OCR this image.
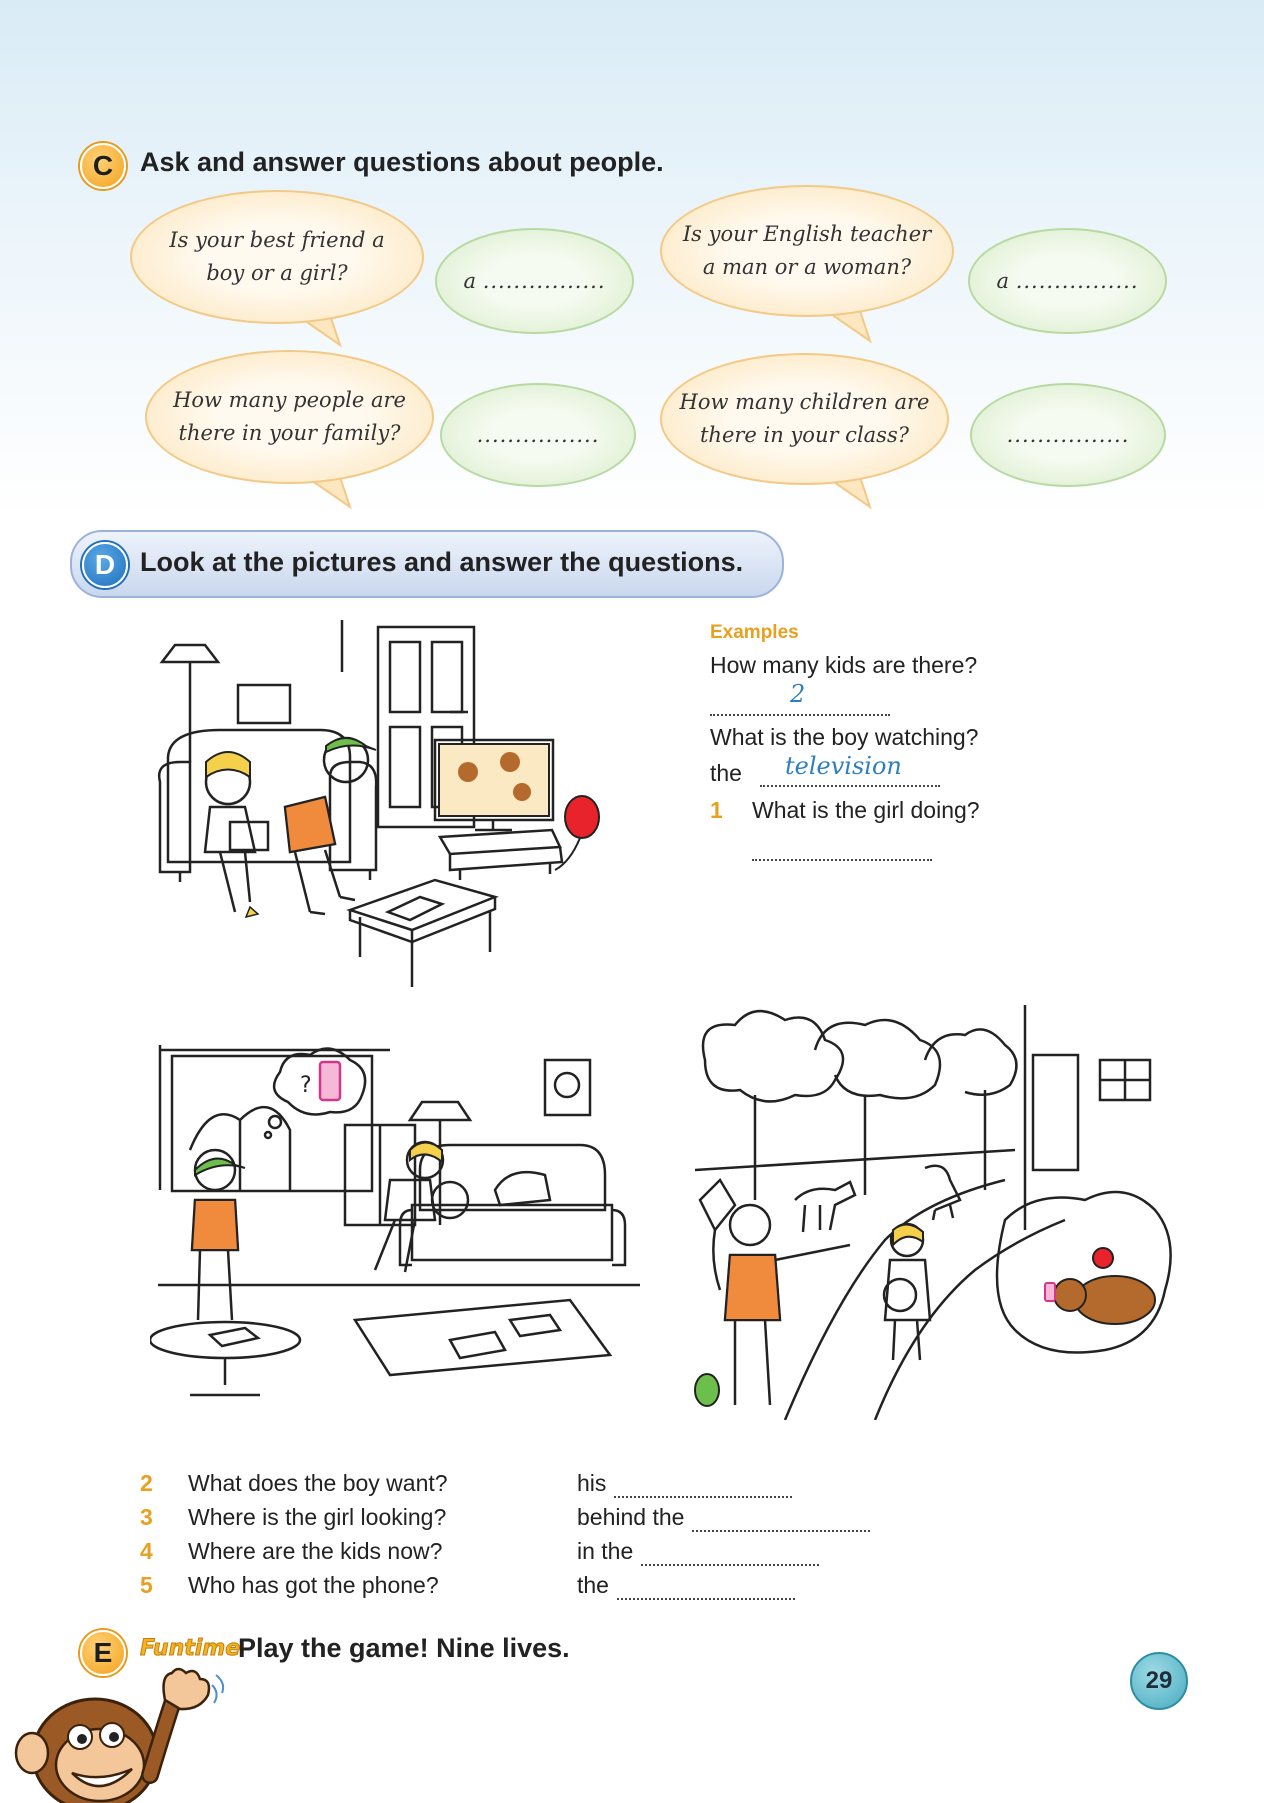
C Ask and answer questions about people.
Is your best friend a
boy or a girl?	a ................
Is your English teacher
a man or a woman?
a ................
How many people are
there in your family?	................
How many children are
there in your class?	................
D Look at the pictures and answer the questions.
Examples
How many kids are there?
2
What is the boy watching?
the television
1 What is the girl doing?
?
2 What does the boy want?	his
3 Where is the girl looking?	behind the
4 Where are the kids now?	in the
5 Who has got the phone?	the
E	Funtime
Play the game! Nine lives.
29
